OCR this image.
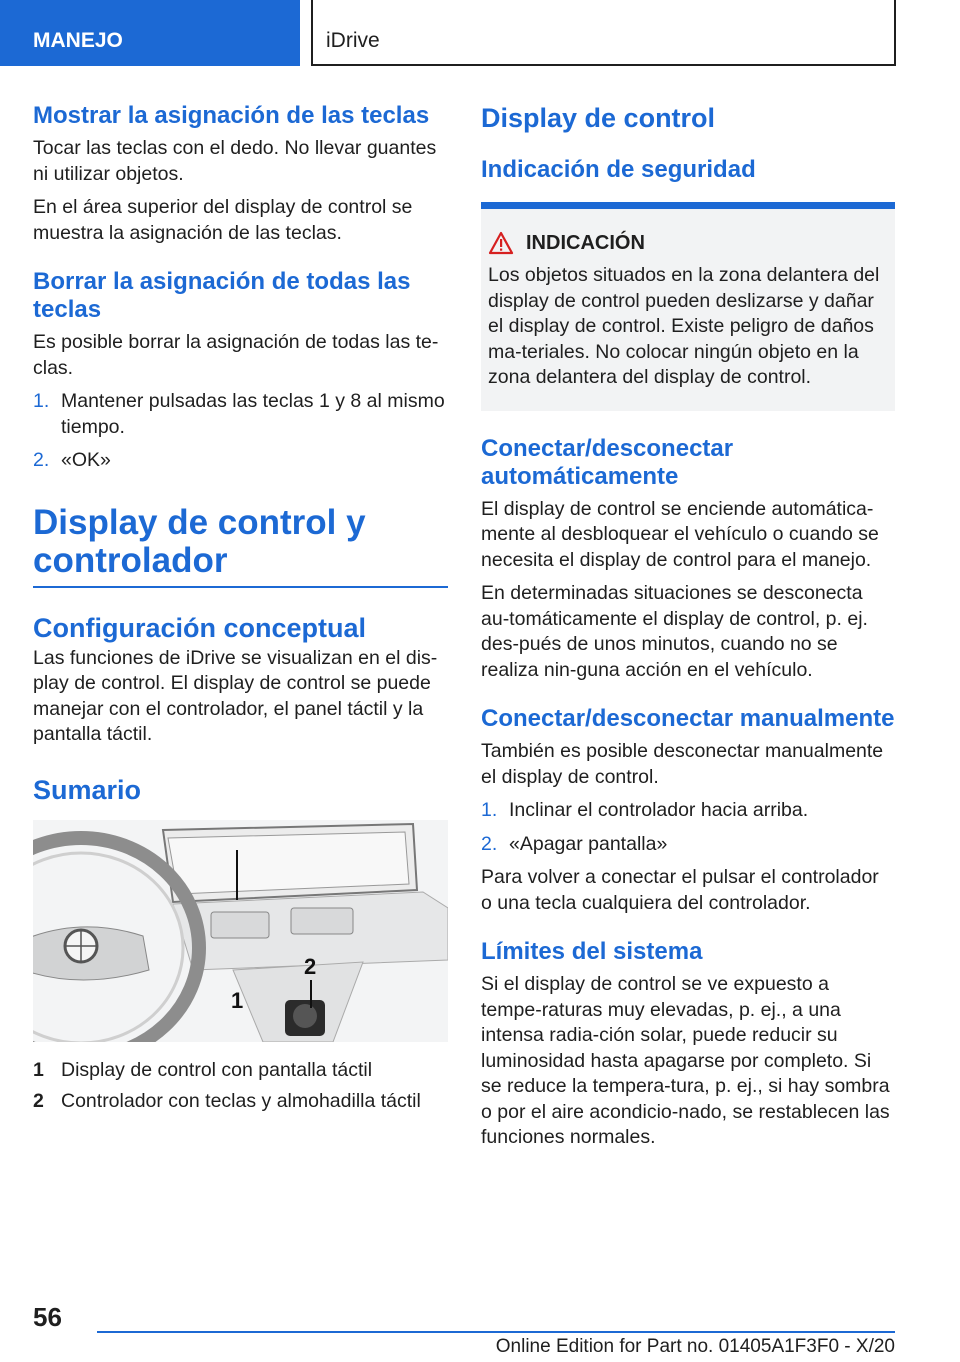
MANEJO	iDrive
Mostrar la asignación de las teclas

Tocar las teclas con el dedo. No llevar guantes ni utilizar objetos.

En el área superior del display de control se muestra la asignación de las teclas.

Borrar la asignación de todas las teclas

Es posible borrar la asignación de todas las te-clas.

1. Mantener pulsadas las teclas 1 y 8 al mismo tiempo.
2. «OK»
Display de control y controlador
Configuración conceptual

Las funciones de iDrive se visualizan en el dis-play de control. El display de control se puede manejar con el controlador, el panel táctil y la pantalla táctil.

Sumario
1
2
1 Display de control con pantalla táctil
2 Controlador con teclas y almohadilla táctil
Display de control
Indicación de seguridad
INDICACIÓN

Los objetos situados en la zona delantera del display de control pueden deslizarse y dañar el display de control. Existe peligro de daños ma-teriales. No colocar ningún objeto en la zona delantera del display de control.

Conectar/desconectar automáticamente

El display de control se enciende automática-mente al desbloquear el vehículo o cuando se necesita el display de control para el manejo.

En determinadas situaciones se desconecta au-tomáticamente el display de control, p. ej. des-pués de unos minutos, cuando no se realiza nin-guna acción en el vehículo.

Conectar/desconectar manualmente

También es posible desconectar manualmente el display de control.

1. Inclinar el controlador hacia arriba.
2. «Apagar pantalla»

Para volver a conectar el pulsar el controlador o una tecla cualquiera del controlador.

Límites del sistema

Si el display de control se ve expuesto a tempe-raturas muy elevadas, p. ej., a una intensa radia-ción solar, puede reducir su luminosidad hasta apagarse por completo. Si se reduce la tempera-tura, p. ej., si hay sombra o por el aire acondicio-nado, se restablecen las funciones normales.

56
Online Edition for Part no. 01405A1F3F0 - X/20
